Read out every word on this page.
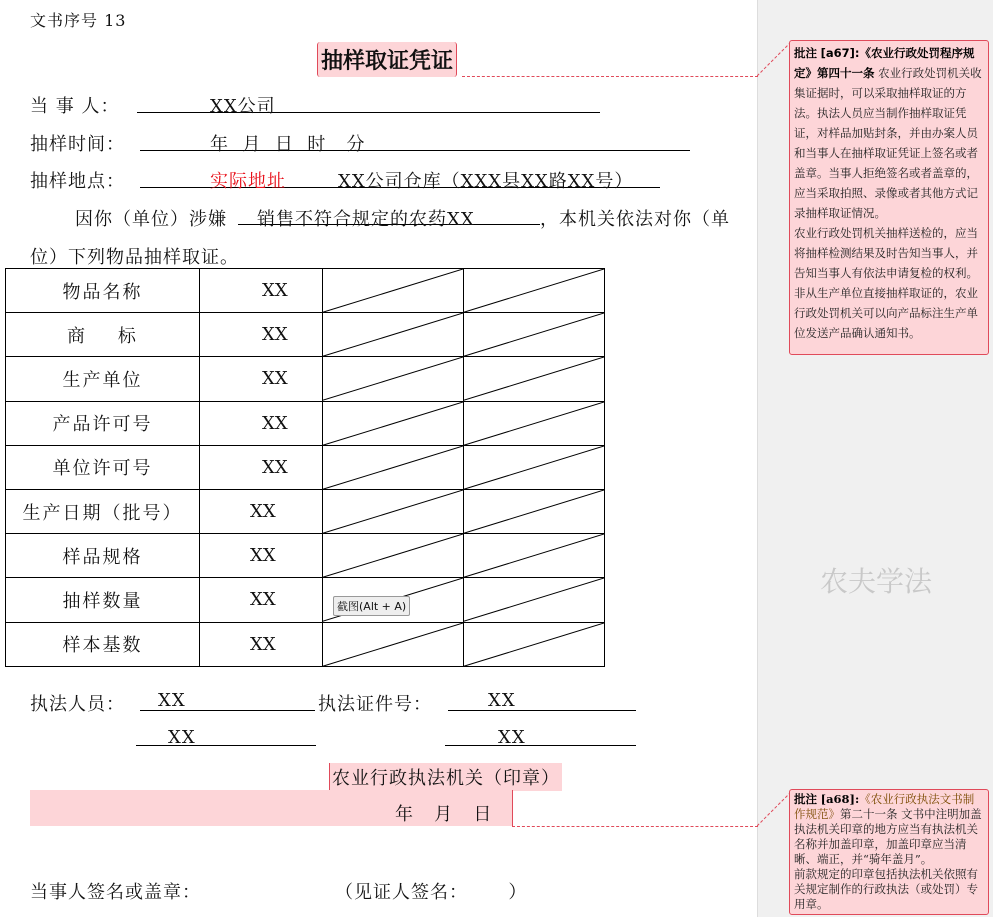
文书序号 13
抽样取证凭证
当 事 人：	XX公司
抽样时间：	年  月  日  时   分
抽样地点：	实际地址	XX公司仓库（XXX县XX路XX号）
因你（单位）涉嫌 销售不符合规定的农药XX	，本机关依法对你（单
位）下列物品抽样取证。
物品名称	XX	

商    标	XX	

生产单位	XX	

产品许可号	XX	

单位许可号	XX	

生产日期（批号）	XX	

样品规格	XX	

抽样数量	XX	

样本基数	XX	

截图(Alt + A)
执法人员： XX	执法证件号：	XX
XX	XX
农业行政执法机关（印章）
年   月   日
当事人签名或盖章：	（见证人签名：      ）
批注 [a67]:《农业行政处罚程序规定》第四十一条 农业行政处罚机关收集证据时，可以采取抽样取证的方法。执法人员应当制作抽样取证凭证，对样品加贴封条，并由办案人员和当事人在抽样取证凭证上签名或者盖章。当事人拒绝签名或者盖章的，应当采取拍照、录像或者其他方式记录抽样取证情况。
农业行政处罚机关抽样送检的，应当将抽样检测结果及时告知当事人，并告知当事人有依法申请复检的权利。
非从生产单位直接抽样取证的，农业行政处罚机关可以向产品标注生产单位发送产品确认通知书。
批注 [a68]:《农业行政执法文书制作规范》第二十一条 文书中注明加盖执法机关印章的地方应当有执法机关名称并加盖印章，加盖印章应当清晰、端正，并“骑年盖月”。
前款规定的印章包括执法机关依照有关规定制作的行政执法（或处罚）专用章。
农夫学法
